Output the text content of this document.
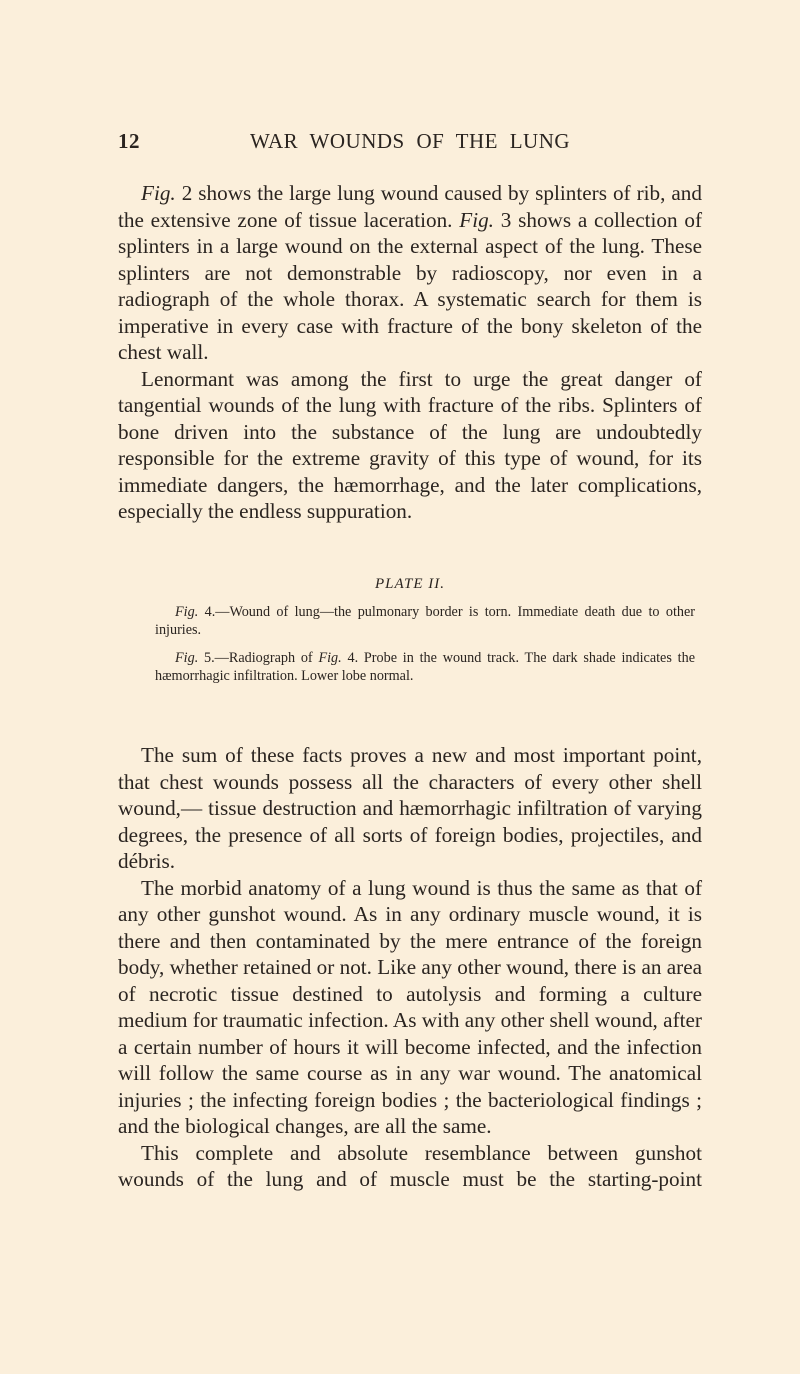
12	WAR WOUNDS OF THE LUNG

Fig. 2 shows the large lung wound caused by splinters of rib, and the extensive zone of tissue laceration. Fig. 3 shows a collection of splinters in a large wound on the external aspect of the lung. These splinters are not demonstrable by radioscopy, nor even in a radiograph of the whole thorax. A systematic search for them is imperative in every case with fracture of the bony skeleton of the chest wall.

Lenormant was among the first to urge the great danger of tangential wounds of the lung with fracture of the ribs. Splinters of bone driven into the substance of the lung are undoubtedly responsible for the extreme gravity of this type of wound, for its immediate dangers, the hæmorrhage, and the later complications, especially the endless suppuration.

PLATE II.
Fig. 4.—Wound of lung—the pulmonary border is torn. Immediate death due to other injuries.
Fig. 5.—Radiograph of Fig. 4. Probe in the wound track. The dark shade indicates the hæmorrhagic infiltration. Lower lobe normal.

The sum of these facts proves a new and most important point, that chest wounds possess all the characters of every other shell wound,— tissue destruction and hæmorrhagic infiltration of varying degrees, the presence of all sorts of foreign bodies, projectiles, and débris.

The morbid anatomy of a lung wound is thus the same as that of any other gunshot wound. As in any ordinary muscle wound, it is there and then contaminated by the mere entrance of the foreign body, whether retained or not. Like any other wound, there is an area of necrotic tissue destined to autolysis and forming a culture medium for traumatic infection. As with any other shell wound, after a certain number of hours it will become infected, and the infection will follow the same course as in any war wound. The anatomical injuries ; the infecting foreign bodies ; the bacteriological findings ; and the biological changes, are all the same.

This complete and absolute resemblance between gunshot wounds of the lung and of muscle must be the starting-point
